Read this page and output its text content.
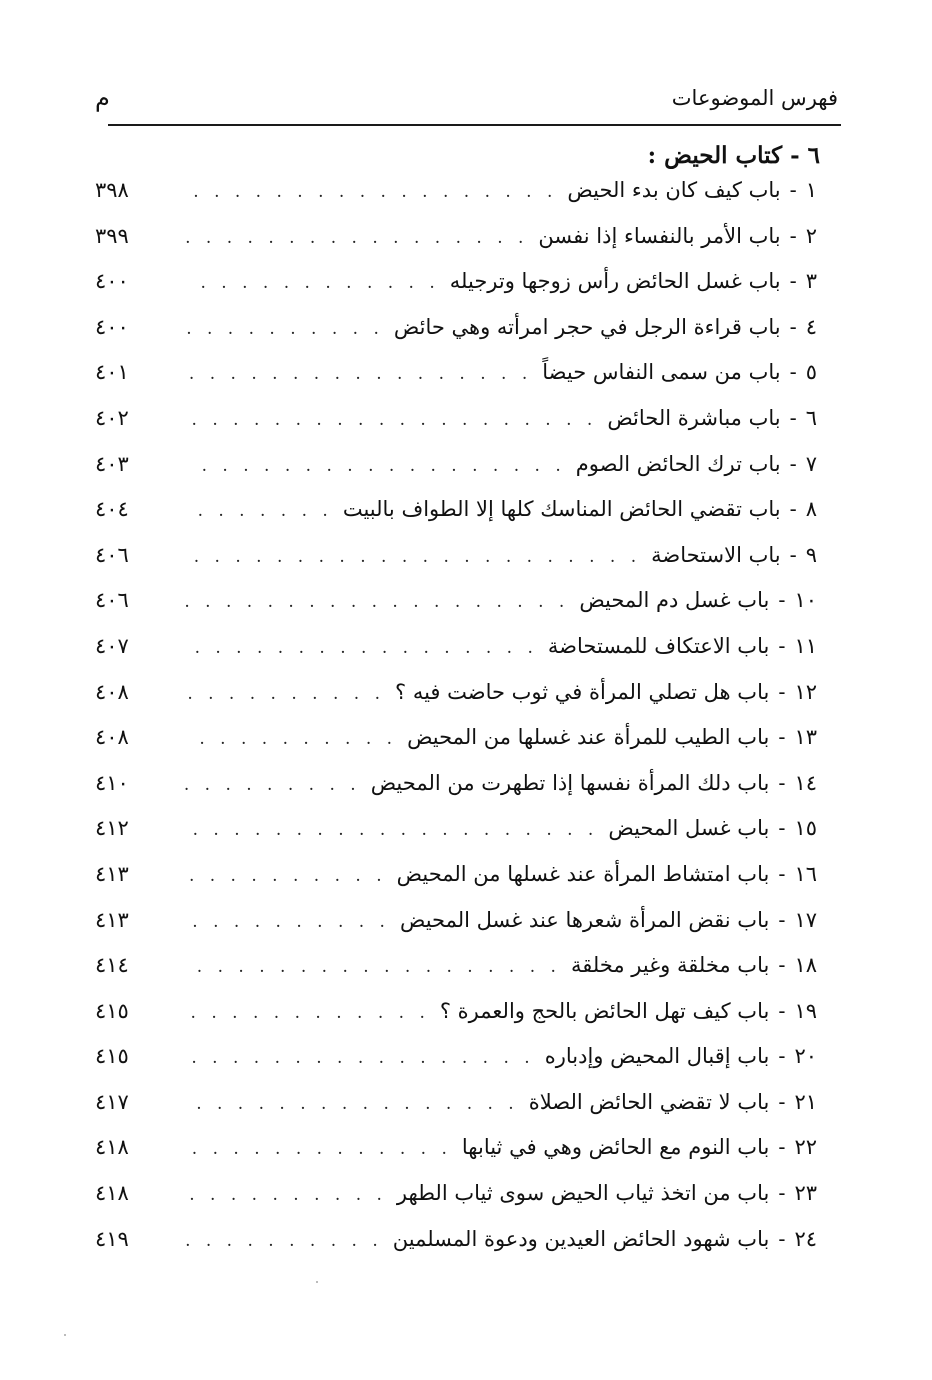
فهرس الموضوعات
م
٦ - كتاب الحيض :
١
-
باب كيف كان بدء الحيض
. . .
٣٩٨
٢
-
باب الأمر بالنفساء إذا نفسن
. . .
٣٩٩
٣
-
باب غسل الحائض رأس زوجها وترجيله
. . .
٤٠٠
٤
-
باب قراءة الرجل في حجر امرأته وهي حائض
. . .
٤٠٠
٥
-
باب من سمى النفاس حيضاً
. . .
٤٠١
٦
-
باب مباشرة الحائض
. . .
٤٠٢
٧
-
باب ترك الحائض الصوم
. . .
٤٠٣
٨
-
باب تقضي الحائض المناسك كلها إلا الطواف بالبيت
. . .
٤٠٤
٩
-
باب الاستحاضة
. . .
٤٠٦
١٠
-
باب غسل دم المحيض
. . .
٤٠٦
١١
-
باب الاعتكاف للمستحاضة
. . .
٤٠٧
١٢
-
باب هل تصلي المرأة في ثوب حاضت فيه ؟
. . .
٤٠٨
١٣
-
باب الطيب للمرأة عند غسلها من المحيض
. . .
٤٠٨
١٤
-
باب دلك المرأة نفسها إذا تطهرت من المحيض
. . .
٤١٠
١٥
-
باب غسل المحيض
. . .
٤١٢
١٦
-
باب امتشاط المرأة عند غسلها من المحيض
. . .
٤١٣
١٧
-
باب نقض المرأة شعرها عند غسل المحيض
. . .
٤١٣
١٨
-
باب مخلقة وغير مخلقة
. . .
٤١٤
١٩
-
باب كيف تهل الحائض بالحج والعمرة ؟
. . .
٤١٥
٢٠
-
باب إقبال المحيض وإدباره
. . .
٤١٥
٢١
-
باب لا تقضي الحائض الصلاة
. . .
٤١٧
٢٢
-
باب النوم مع الحائض وهي في ثيابها
. . .
٤١٨
٢٣
-
باب من اتخذ ثياب الحيض سوى ثياب الطهر
. . .
٤١٨
٢٤
-
باب شهود الحائض العيدين ودعوة المسلمين
. . .
٤١٩
